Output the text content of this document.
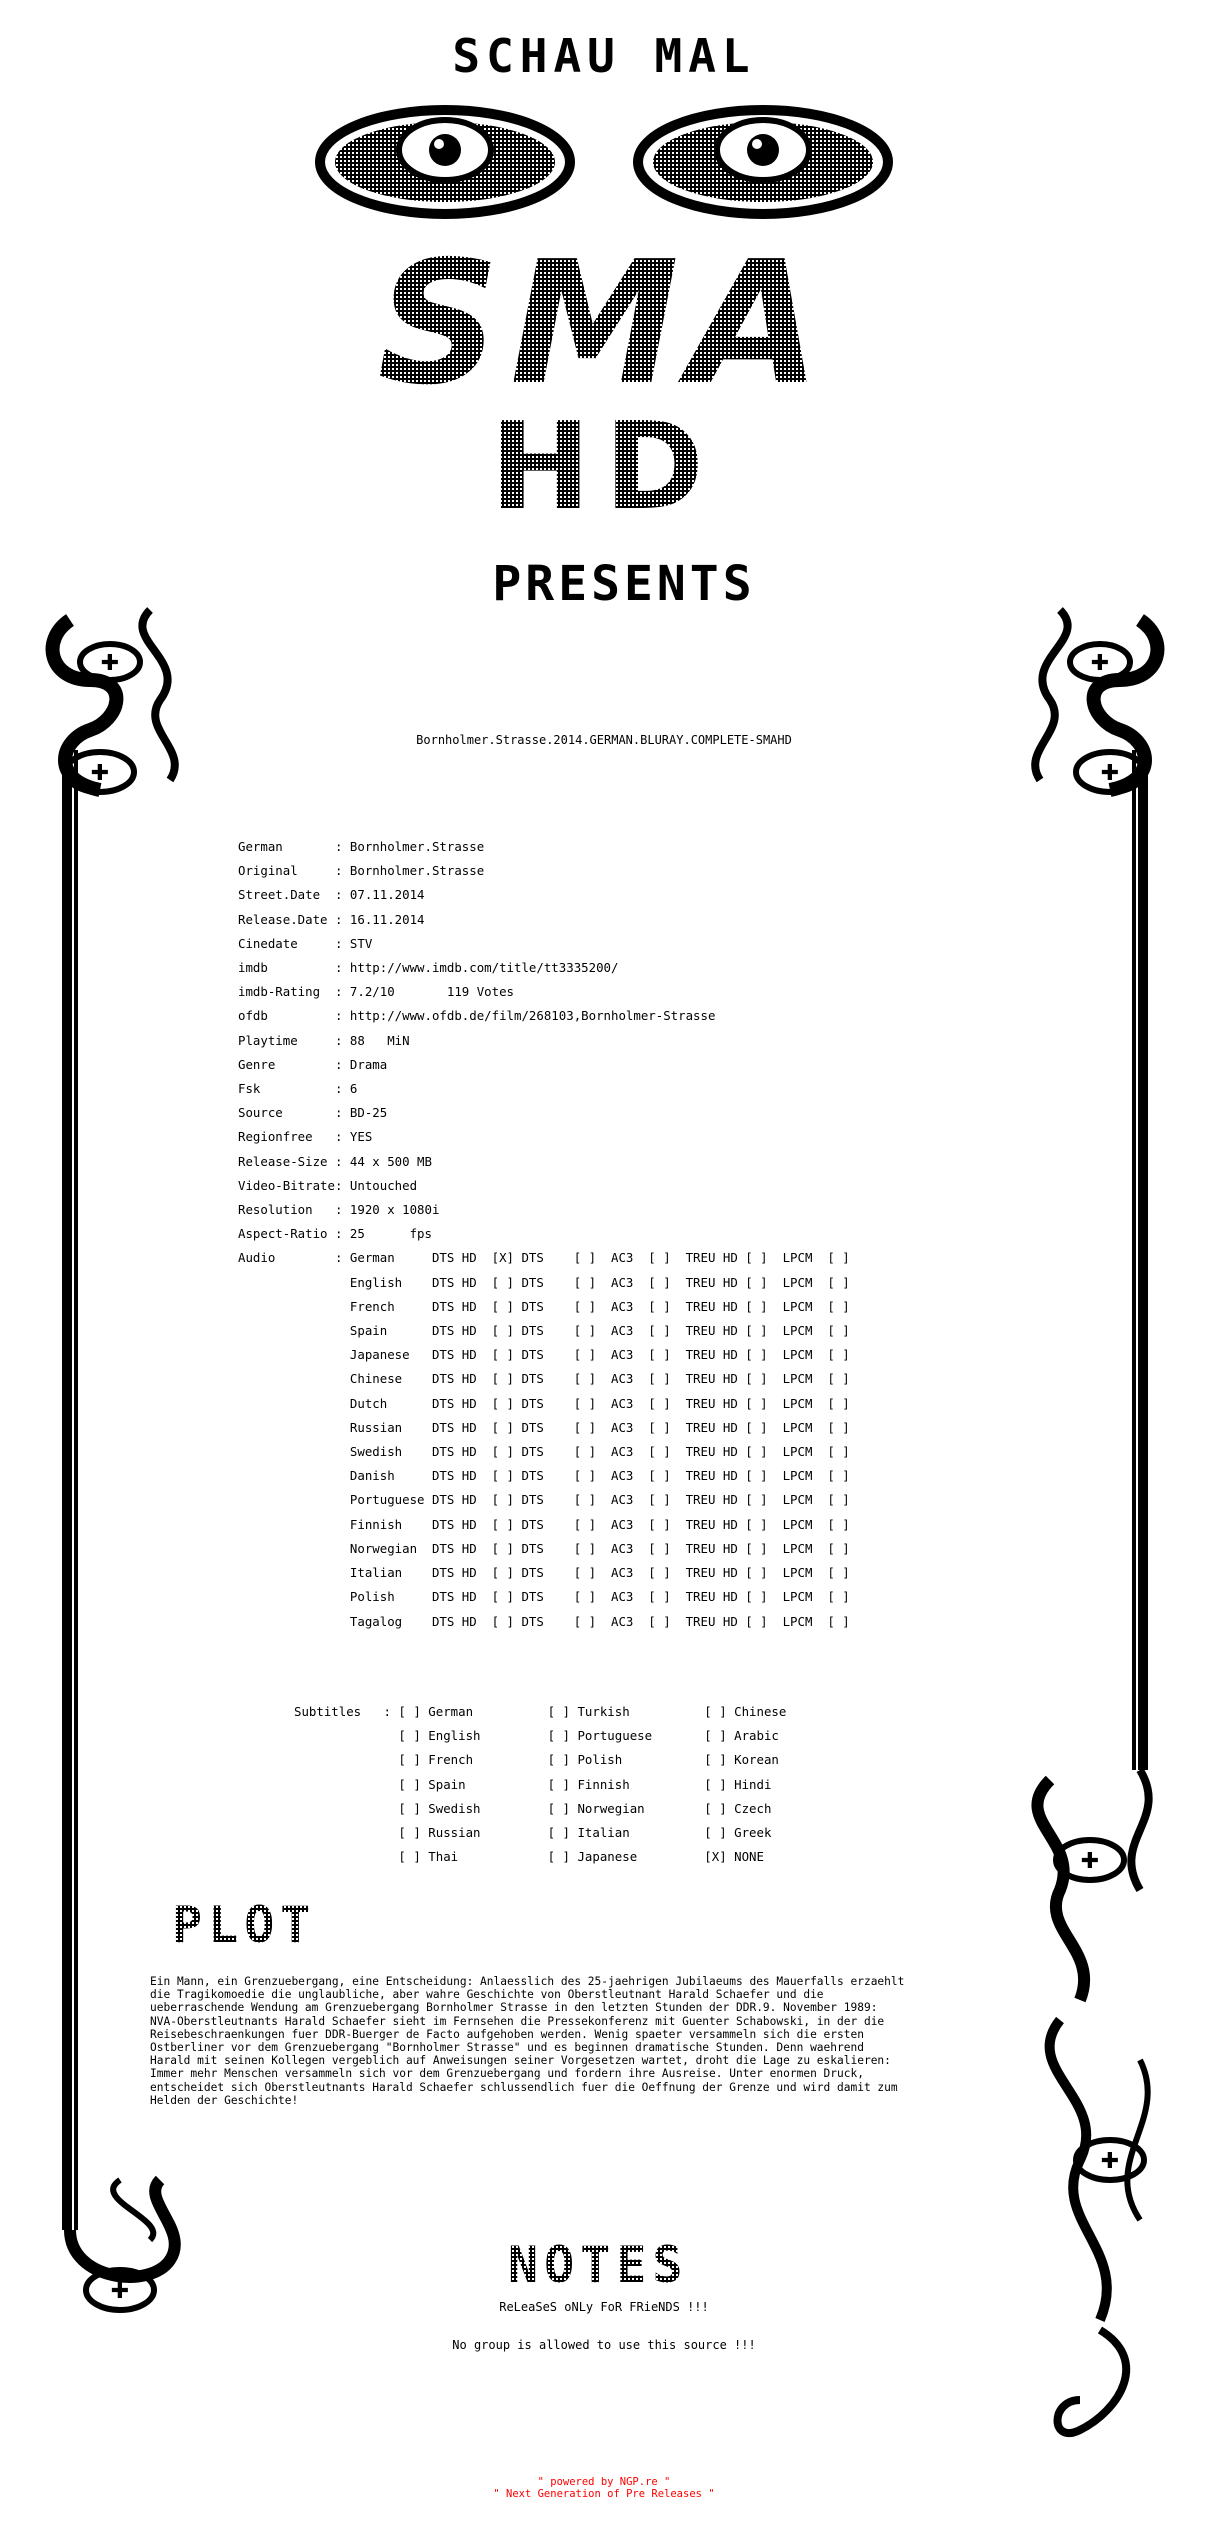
SCHAU MAL
SMA
HD
PRESENTS
✚
✚
✚
✚
✚
✚
✚
Bornholmer.Strasse.2014.GERMAN.BLURAY.COMPLETE-SMAHD
German       : Bornholmer.Strasse
Original     : Bornholmer.Strasse
Street.Date  : 07.11.2014
Release.Date : 16.11.2014
Cinedate     : STV
imdb         : http://www.imdb.com/title/tt3335200/
imdb-Rating  : 7.2/10       119 Votes
ofdb         : http://www.ofdb.de/film/268103,Bornholmer-Strasse
Playtime     : 88   MiN
Genre        : Drama
Fsk          : 6
Source       : BD-25
Regionfree   : YES
Release-Size : 44 x 500 MB
Video-Bitrate: Untouched
Resolution   : 1920 x 1080i
Aspect-Ratio : 25      fps
Audio        : German     DTS HD  [X] DTS    [ ]  AC3  [ ]  TREU HD [ ]  LPCM  [ ]
English    DTS HD  [ ] DTS    [ ]  AC3  [ ]  TREU HD [ ]  LPCM  [ ]
French     DTS HD  [ ] DTS    [ ]  AC3  [ ]  TREU HD [ ]  LPCM  [ ]
Spain      DTS HD  [ ] DTS    [ ]  AC3  [ ]  TREU HD [ ]  LPCM  [ ]
Japanese   DTS HD  [ ] DTS    [ ]  AC3  [ ]  TREU HD [ ]  LPCM  [ ]
Chinese    DTS HD  [ ] DTS    [ ]  AC3  [ ]  TREU HD [ ]  LPCM  [ ]
Dutch      DTS HD  [ ] DTS    [ ]  AC3  [ ]  TREU HD [ ]  LPCM  [ ]
Russian    DTS HD  [ ] DTS    [ ]  AC3  [ ]  TREU HD [ ]  LPCM  [ ]
Swedish    DTS HD  [ ] DTS    [ ]  AC3  [ ]  TREU HD [ ]  LPCM  [ ]
Danish     DTS HD  [ ] DTS    [ ]  AC3  [ ]  TREU HD [ ]  LPCM  [ ]
Portuguese DTS HD  [ ] DTS    [ ]  AC3  [ ]  TREU HD [ ]  LPCM  [ ]
Finnish    DTS HD  [ ] DTS    [ ]  AC3  [ ]  TREU HD [ ]  LPCM  [ ]
Norwegian  DTS HD  [ ] DTS    [ ]  AC3  [ ]  TREU HD [ ]  LPCM  [ ]
Italian    DTS HD  [ ] DTS    [ ]  AC3  [ ]  TREU HD [ ]  LPCM  [ ]
Polish     DTS HD  [ ] DTS    [ ]  AC3  [ ]  TREU HD [ ]  LPCM  [ ]
Tagalog    DTS HD  [ ] DTS    [ ]  AC3  [ ]  TREU HD [ ]  LPCM  [ ]
Subtitles   : [ ] German          [ ] Turkish          [ ] Chinese
[ ] English         [ ] Portuguese       [ ] Arabic
[ ] French          [ ] Polish           [ ] Korean
[ ] Spain           [ ] Finnish          [ ] Hindi
[ ] Swedish         [ ] Norwegian        [ ] Czech
[ ] Russian         [ ] Italian          [ ] Greek
[ ] Thai            [ ] Japanese         [X] NONE
PLOT
Ein Mann, ein Grenzuebergang, eine Entscheidung: Anlaesslich des 25-jaehrigen Jubilaeums des Mauerfalls erzaehlt die Tragikomoedie die unglaubliche, aber wahre Geschichte von Oberstleutnant Harald Schaefer und die ueberraschende Wendung am Grenzuebergang Bornholmer Strasse in den letzten Stunden der DDR.9. November 1989: NVA-Oberstleutnants Harald Schaefer sieht im Fernsehen die Pressekonferenz mit Guenter Schabowski, in der die Reisebeschraenkungen fuer DDR-Buerger de Facto aufgehoben werden. Wenig spaeter versammeln sich die ersten Ostberliner vor dem Grenzuebergang "Bornholmer Strasse" und es beginnen dramatische Stunden. Denn waehrend Harald mit seinen Kollegen vergeblich auf Anweisungen seiner Vorgesetzen wartet, droht die Lage zu eskalieren: Immer mehr Menschen versammeln sich vor dem Grenzuebergang und fordern ihre Ausreise. Unter enormen Druck, entscheidet sich Oberstleutnants Harald Schaefer schlussendlich fuer die Oeffnung der Grenze und wird damit zum Helden der Geschichte!
NOTES
ReLeaSeS oNLy FoR FRieNDS !!!
No group is allowed to use this source !!!
" powered by NGP.re "
" Next Generation of Pre Releases "
